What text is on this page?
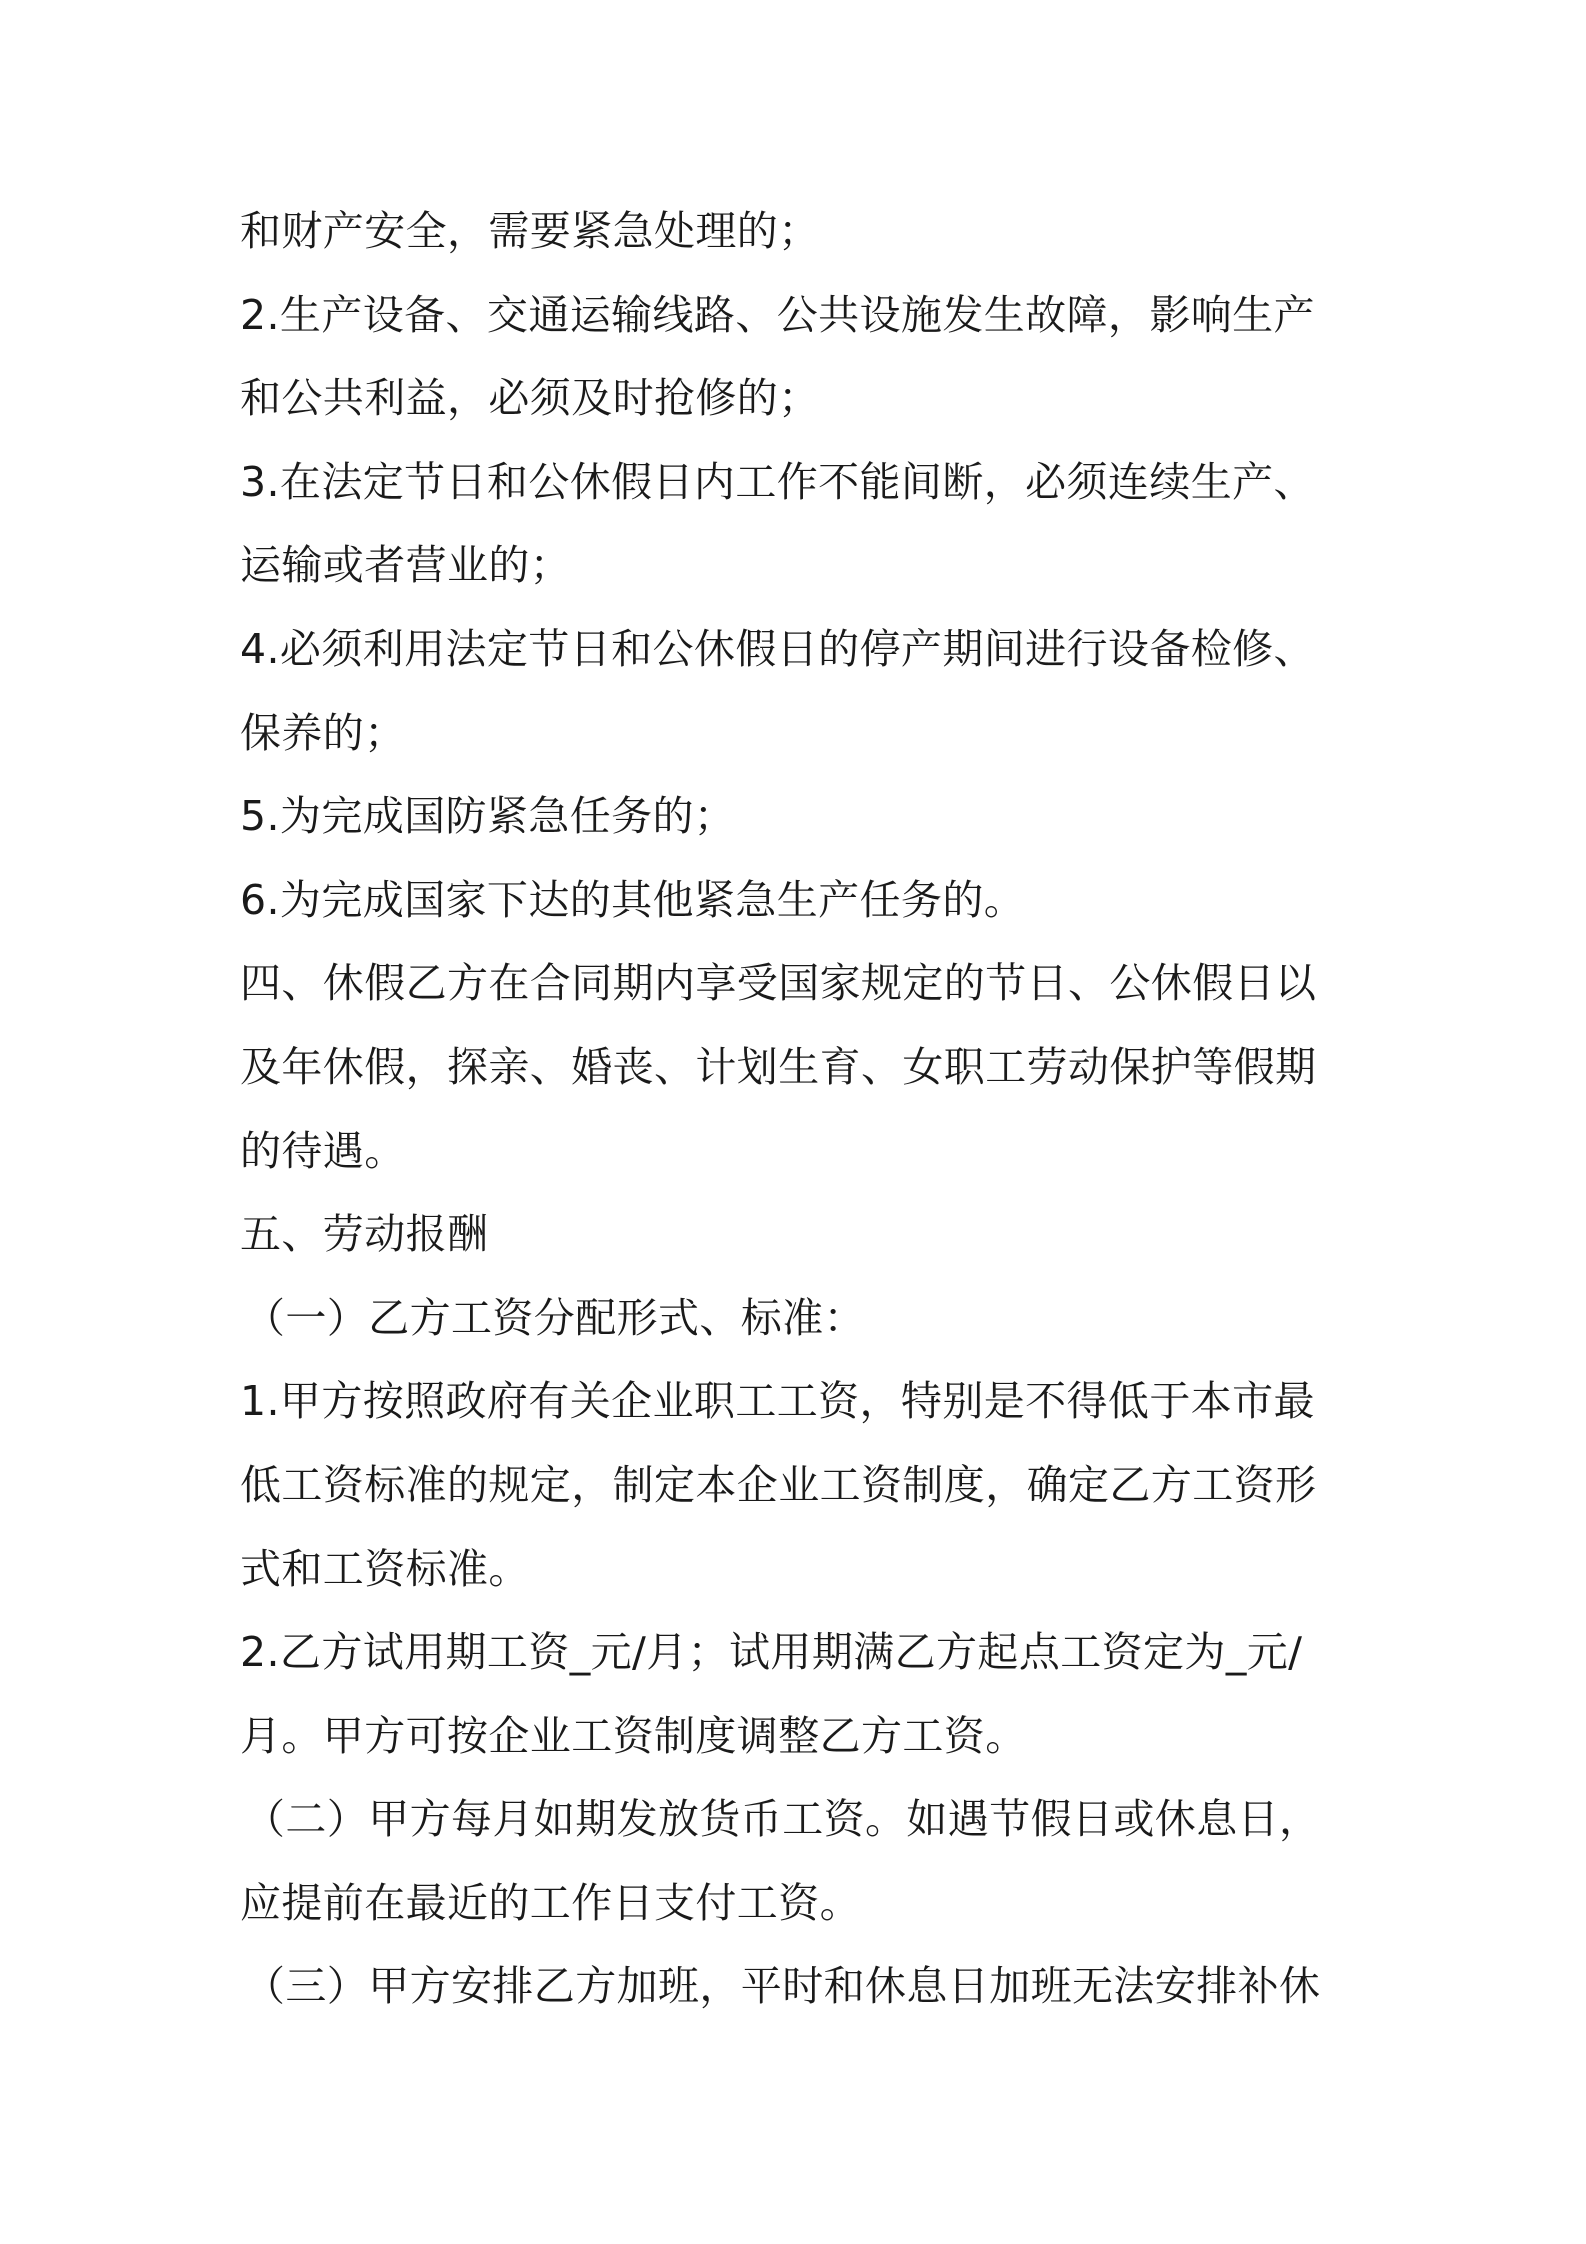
和财产安全，需要紧急处理的；
2.生产设备、交通运输线路、公共设施发生故障，影响生产
和公共利益，必须及时抢修的；
3.在法定节日和公休假日内工作不能间断，必须连续生产、
运输或者营业的；
4.必须利用法定节日和公休假日的停产期间进行设备检修、
保养的；
5.为完成国防紧急任务的；
6.为完成国家下达的其他紧急生产任务的。
四、休假乙方在合同期内享受国家规定的节日、公休假日以
及年休假，探亲、婚丧、计划生育、女职工劳动保护等假期
的待遇。
五、劳动报酬
（一）乙方工资分配形式、标准：
1.甲方按照政府有关企业职工工资，特别是不得低于本市最
低工资标准的规定，制定本企业工资制度，确定乙方工资形
式和工资标准。
2.乙方试用期工资_元/月；试用期满乙方起点工资定为_元/
月。甲方可按企业工资制度调整乙方工资。
（二）甲方每月如期发放货币工资。如遇节假日或休息日，
应提前在最近的工作日支付工资。
（三）甲方安排乙方加班，平时和休息日加班无法安排补休
